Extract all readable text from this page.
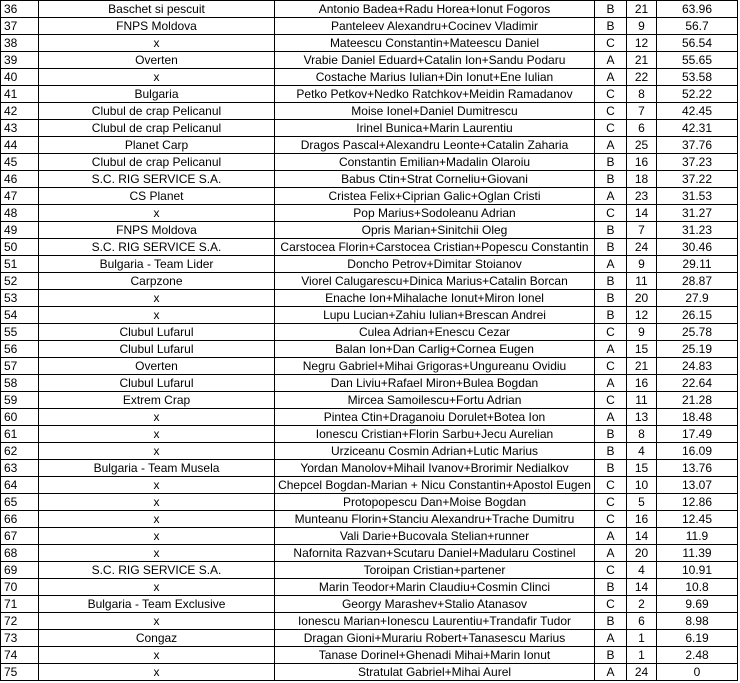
36	Baschet si pescuit	Antonio Badea+Radu Horea+Ionut Fogoros	B	21	63.96
37	FNPS Moldova	Panteleev Alexandru+Cocinev Vladimir	B	9	56.7
38	x	Mateescu Constantin+Mateescu Daniel	C	12	56.54
39	Overten	Vrabie Daniel Eduard+Catalin Ion+Sandu Podaru	A	21	55.65
40	x	Costache Marius Iulian+Din Ionut+Ene Iulian	A	22	53.58
41	Bulgaria	Petko Petkov+Nedko Ratchkov+Meidin Ramadanov	C	8	52.22
42	Clubul de crap Pelicanul	Moise Ionel+Daniel Dumitrescu	C	7	42.45
43	Clubul de crap Pelicanul	Irinel Bunica+Marin Laurentiu	C	6	42.31
44	Planet Carp	Dragos Pascal+Alexandru Leonte+Catalin Zaharia	A	25	37.76
45	Clubul de crap Pelicanul	Constantin Emilian+Madalin Olaroiu	B	16	37.23
46	S.C. RIG SERVICE S.A.	Babus Ctin+Strat Corneliu+Giovani	B	18	37.22
47	CS Planet	Cristea Felix+Ciprian Galic+Oglan Cristi	A	23	31.53
48	x	Pop Marius+Sodoleanu Adrian	C	14	31.27
49	FNPS Moldova	Opris Marian+Sinitchii Oleg	B	7	31.23
50	S.C. RIG SERVICE S.A.	Carstocea Florin+Carstocea Cristian+Popescu Constantin	B	24	30.46
51	Bulgaria - Team Lider	Doncho Petrov+Dimitar Stoianov	A	9	29.11
52	Carpzone	Viorel Calugarescu+Dinica Marius+Catalin Borcan	B	11	28.87
53	x	Enache Ion+Mihalache Ionut+Miron Ionel	B	20	27.9
54	x	Lupu Lucian+Zahiu Iulian+Brescan Andrei	B	12	26.15
55	Clubul Lufarul	Culea Adrian+Enescu Cezar	C	9	25.78
56	Clubul Lufarul	Balan Ion+Dan Carlig+Cornea Eugen	A	15	25.19
57	Overten	Negru Gabriel+Mihai Grigoras+Ungureanu Ovidiu	C	21	24.83
58	Clubul Lufarul	Dan Liviu+Rafael Miron+Bulea Bogdan	A	16	22.64
59	Extrem Crap	Mircea Samoilescu+Fortu Adrian	C	11	21.28
60	x	Pintea Ctin+Draganoiu Dorulet+Botea Ion	A	13	18.48
61	x	Ionescu Cristian+Florin Sarbu+Jecu Aurelian	B	8	17.49
62	x	Urziceanu Cosmin Adrian+Lutic Marius	B	4	16.09
63	Bulgaria - Team Musela	Yordan Manolov+Mihail Ivanov+Brorimir Nedialkov	B	15	13.76
64	x	Chepcel Bogdan-Marian + Nicu Constantin+Apostol Eugen	C	10	13.07
65	x	Protopopescu Dan+Moise Bogdan	C	5	12.86
66	x	Munteanu Florin+Stanciu Alexandru+Trache Dumitru	C	16	12.45
67	x	Vali Darie+Bucovala Stelian+runner	A	14	11.9
68	x	Nafornita Razvan+Scutaru Daniel+Madularu Costinel	A	20	11.39
69	S.C. RIG SERVICE S.A.	Toroipan Cristian+partener	C	4	10.91
70	x	Marin Teodor+Marin Claudiu+Cosmin Clinci	B	14	10.8
71	Bulgaria - Team Exclusive	Georgy Marashev+Stalio Atanasov	C	2	9.69
72	x	Ionescu Marian+Ionescu Laurentiu+Trandafir Tudor	B	6	8.98
73	Congaz	Dragan Gioni+Murariu Robert+Tanasescu Marius	A	1	6.19
74	x	Tanase Dorinel+Ghenadi Mihai+Marin Ionut	B	1	2.48
75	x	Stratulat Gabriel+Mihai Aurel	A	24	0
